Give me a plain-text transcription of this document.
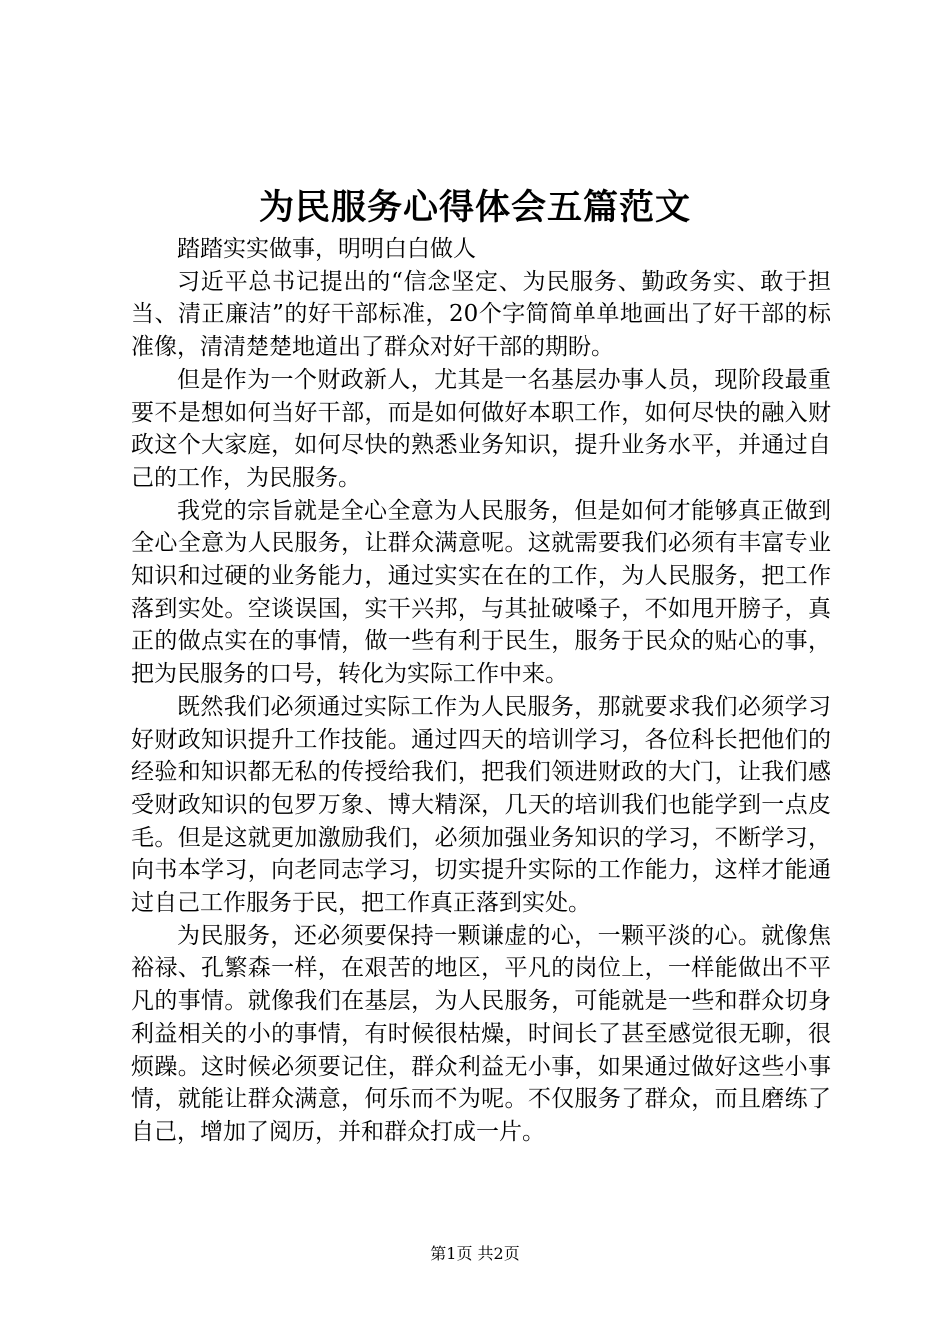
为民服务心得体会五篇范文

踏踏实实做事，明明白白做人

习近平总书记提出的“信念坚定、为民服务、勤政务实、敢于担当、清正廉洁”的好干部标准，20个字简简单单地画出了好干部的标准像，清清楚楚地道出了群众对好干部的期盼。

但是作为一个财政新人，尤其是一名基层办事人员，现阶段最重要不是想如何当好干部，而是如何做好本职工作，如何尽快的融入财政这个大家庭，如何尽快的熟悉业务知识，提升业务水平，并通过自己的工作，为民服务。

我党的宗旨就是全心全意为人民服务，但是如何才能够真正做到全心全意为人民服务，让群众满意呢。这就需要我们必须有丰富专业知识和过硬的业务能力，通过实实在在的工作，为人民服务，把工作落到实处。空谈误国，实干兴邦，与其扯破嗓子，不如甩开膀子，真正的做点实在的事情，做一些有利于民生，服务于民众的贴心的事，把为民服务的口号，转化为实际工作中来。

既然我们必须通过实际工作为人民服务，那就要求我们必须学习好财政知识提升工作技能。通过四天的培训学习，各位科长把他们的经验和知识都无私的传授给我们，把我们领进财政的大门，让我们感受财政知识的包罗万象、博大精深，几天的培训我们也能学到一点皮毛。但是这就更加激励我们，必须加强业务知识的学习，不断学习，向书本学习，向老同志学习，切实提升实际的工作能力，这样才能通过自己工作服务于民，把工作真正落到实处。

为民服务，还必须要保持一颗谦虚的心，一颗平淡的心。就像焦裕禄、孔繁森一样，在艰苦的地区，平凡的岗位上，一样能做出不平凡的事情。就像我们在基层，为人民服务，可能就是一些和群众切身利益相关的小的事情，有时候很枯燥，时间长了甚至感觉很无聊，很烦躁。这时候必须要记住，群众利益无小事，如果通过做好这些小事情，就能让群众满意，何乐而不为呢。不仅服务了群众，而且磨练了自己，增加了阅历，并和群众打成一片。

第1页 共2页
